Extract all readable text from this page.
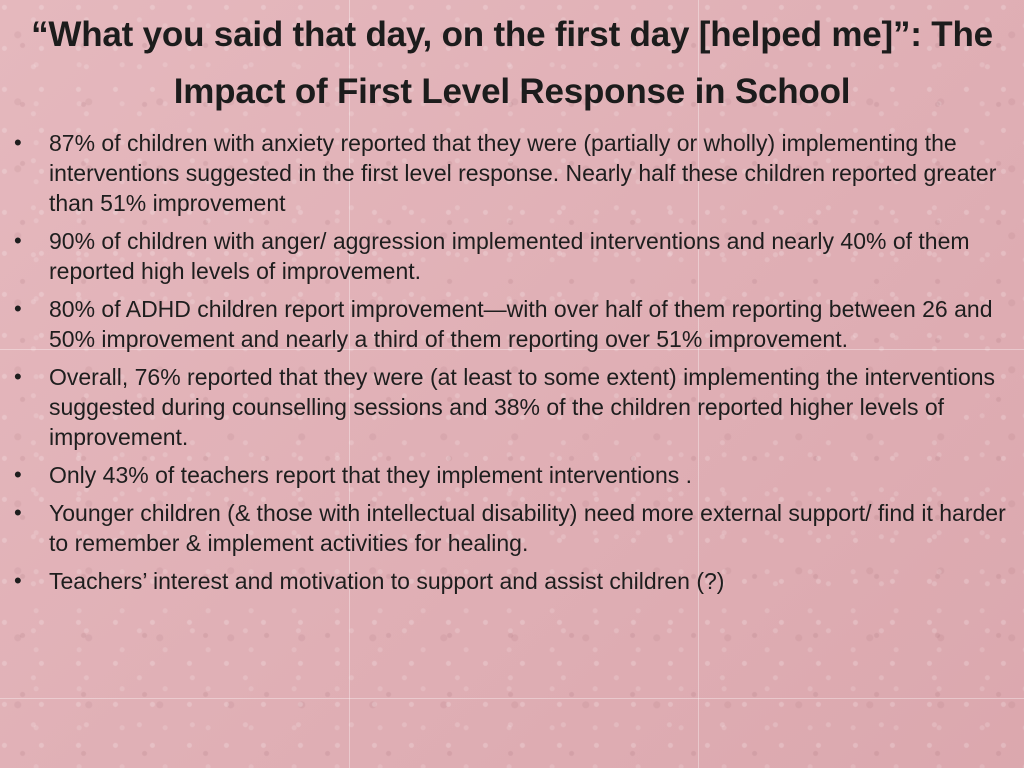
“What you said that day, on the first day [helped me]”: The Impact of First Level Response in School
•	87% of children with anxiety reported that they were (partially or wholly) implementing the interventions suggested in the first level response. Nearly half these children reported greater than 51% improvement
•	90% of children with anger/ aggression implemented interventions and nearly 40% of them reported high levels of improvement.
•	80% of ADHD children report improvement—with over half of them reporting between 26 and 50% improvement and nearly a third of them reporting over 51% improvement.
•	Overall, 76% reported that they were (at least to some extent) implementing the interventions suggested during counselling sessions and 38% of the children reported higher levels of improvement.
•	Only 43% of teachers report that they implement interventions .
•	Younger children (& those with intellectual disability) need more external support/ find it harder to remember & implement activities for healing.
•	Teachers’ interest and motivation to support and assist children (?)
